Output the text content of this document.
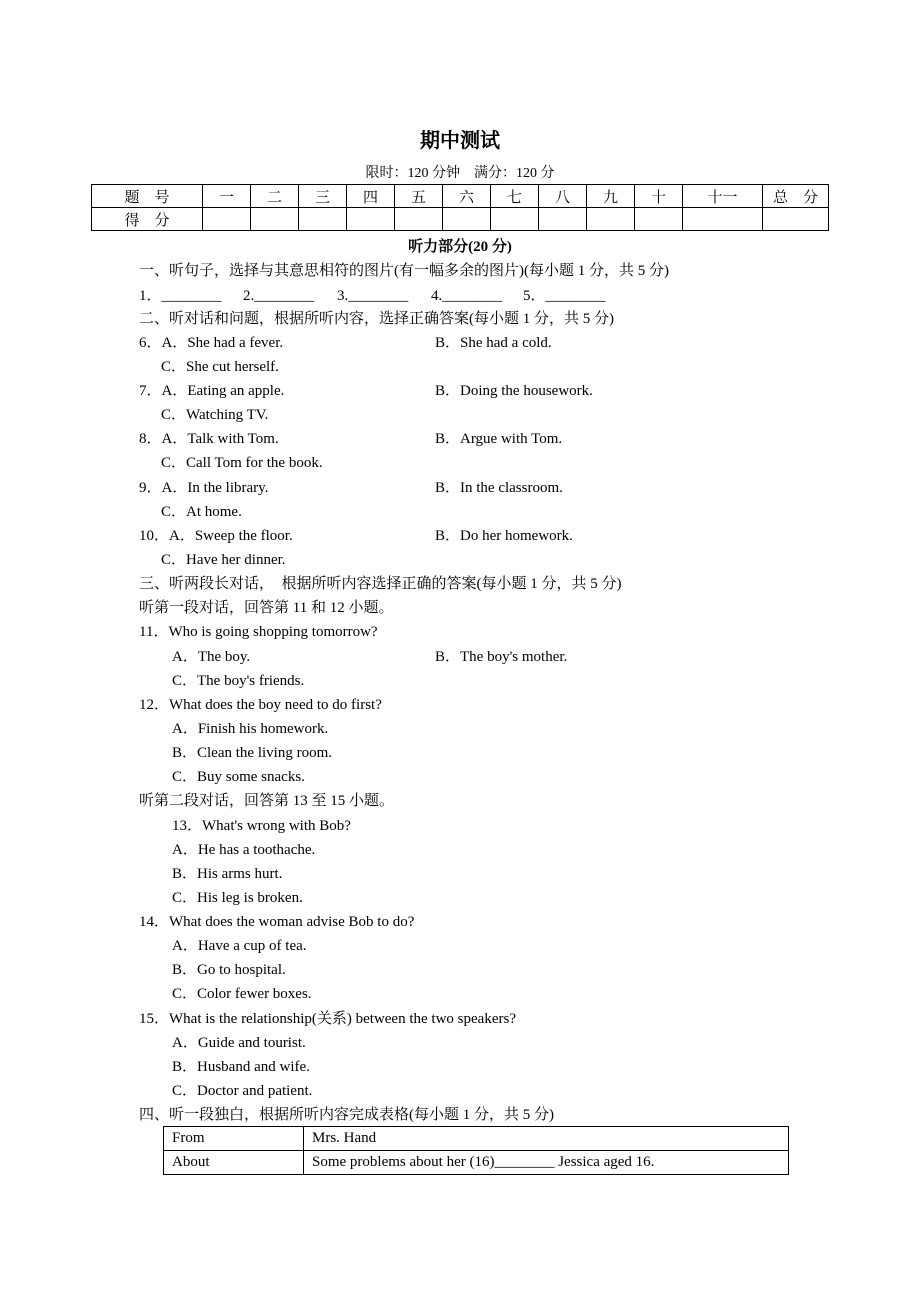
期中测试
限时：120 分钟　满分：120 分
题　号	一	二	三	四	五	六	七	八	九	十	十一	总　分
得　分												
听力部分(20 分)
一、听句子，选择与其意思相符的图片(有一幅多余的图片)(每小题 1 分，共 5 分)
1．________ 2.________ 3.________ 4.________ 5．________
二、听对话和问题，根据所听内容，选择正确答案(每小题 1 分，共 5 分)
6．A．She had a fever.	B．She had a cold.
C．She cut herself.
7．A．Eating an apple.	B．Doing the housework.
C．Watching TV.
8．A．Talk with Tom.	B．Argue with Tom.
C．Call Tom for the book.
9．A．In the library.	B．In the classroom.
C．At home.
10．A．Sweep the floor.	B．Do her homework.
C．Have her dinner.
三、听两段长对话，　根据所听内容选择正确的答案(每小题 1 分，共 5 分)
听第一段对话，回答第 11 和 12 小题。
11．Who is going shopping tomorrow?
A．The boy.	B．The boy's mother.
C．The boy's friends.
12．What does the boy need to do first?
A．Finish his homework.
B．Clean the living room.
C．Buy some snacks.
听第二段对话，回答第 13 至 15 小题。
13．What's wrong with Bob?
A．He has a toothache.
B．His arms hurt.
C．His leg is broken.
14．What does the woman advise Bob to do?
A．Have a cup of tea.
B．Go to hospital.
C．Color fewer boxes.
15．What is the relationship(关系) between the two speakers?
A．Guide and tourist.
B．Husband and wife.
C．Doctor and patient.
四、听一段独白，根据所听内容完成表格(每小题 1 分，共 5 分)
From	Mrs. Hand
About	Some problems about her (16)________ Jessica aged 16.
